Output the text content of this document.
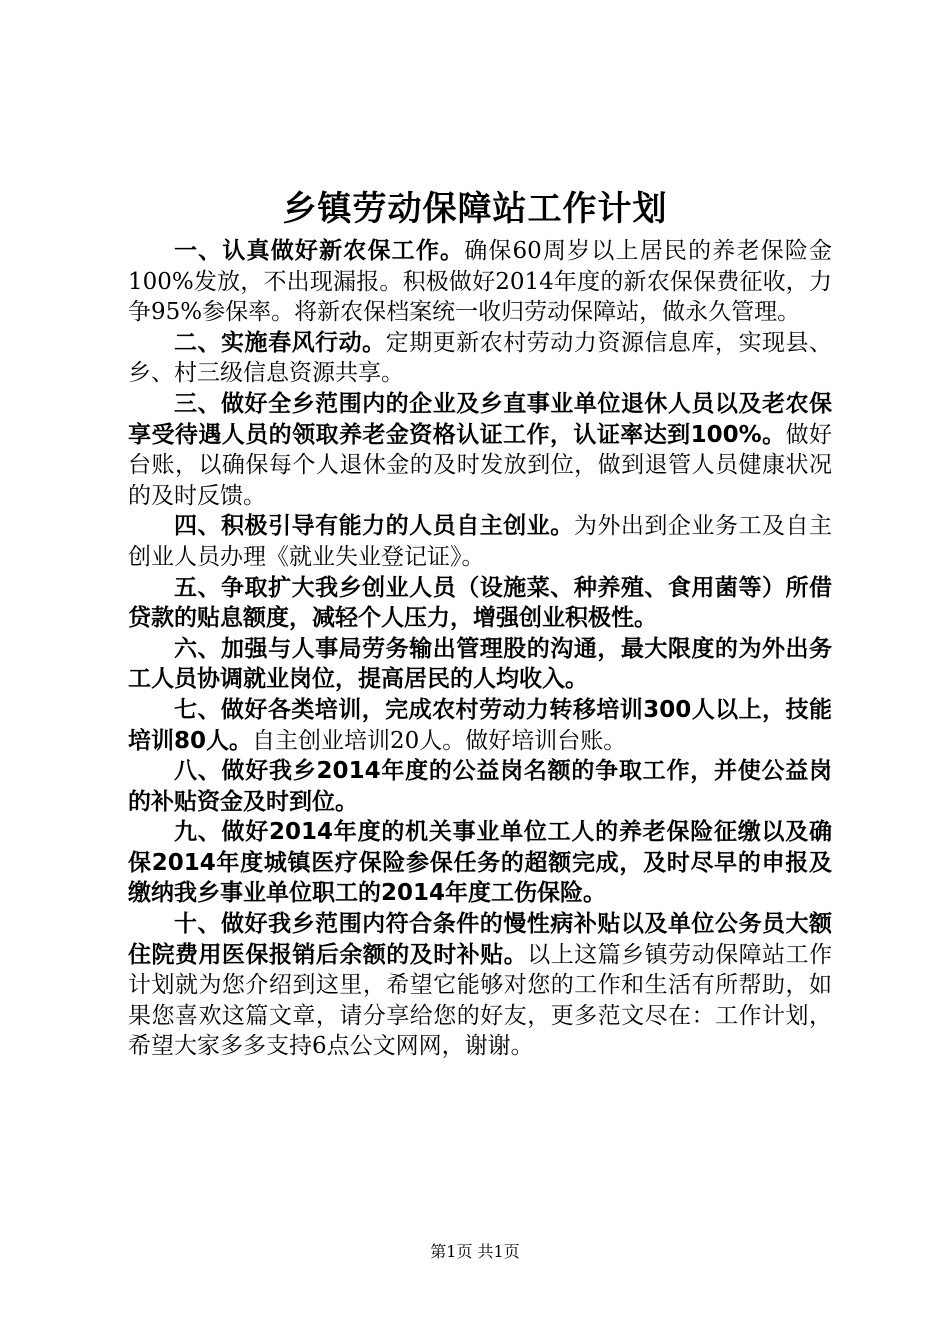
乡镇劳动保障站工作计划

一、认真做好新农保工作。确保60周岁以上居民的养老保险金100%发放，不出现漏报。积极做好2014年度的新农保保费征收，力争95%参保率。将新农保档案统一收归劳动保障站，做永久管理。

二、实施春风行动。定期更新农村劳动力资源信息库，实现县、乡、村三级信息资源共享。

三、做好全乡范围内的企业及乡直事业单位退休人员以及老农保享受待遇人员的领取养老金资格认证工作，认证率达到100%。做好台账，以确保每个人退休金的及时发放到位，做到退管人员健康状况的及时反馈。

四、积极引导有能力的人员自主创业。为外出到企业务工及自主创业人员办理《就业失业登记证》。

五、争取扩大我乡创业人员（设施菜、种养殖、食用菌等）所借贷款的贴息额度，减轻个人压力，增强创业积极性。

六、加强与人事局劳务输出管理股的沟通，最大限度的为外出务工人员协调就业岗位，提高居民的人均收入。

七、做好各类培训，完成农村劳动力转移培训300人以上，技能培训80人。自主创业培训20人。做好培训台账。

八、做好我乡2014年度的公益岗名额的争取工作，并使公益岗的补贴资金及时到位。

九、做好2014年度的机关事业单位工人的养老保险征缴以及确保2014年度城镇医疗保险参保任务的超额完成，及时尽早的申报及缴纳我乡事业单位职工的2014年度工伤保险。

十、做好我乡范围内符合条件的慢性病补贴以及单位公务员大额住院费用医保报销后余额的及时补贴。以上这篇乡镇劳动保障站工作计划就为您介绍到这里，希望它能够对您的工作和生活有所帮助，如果您喜欢这篇文章，请分享给您的好友，更多范文尽在：工作计划，希望大家多多支持6点公文网网，谢谢。

第1页 共1页
